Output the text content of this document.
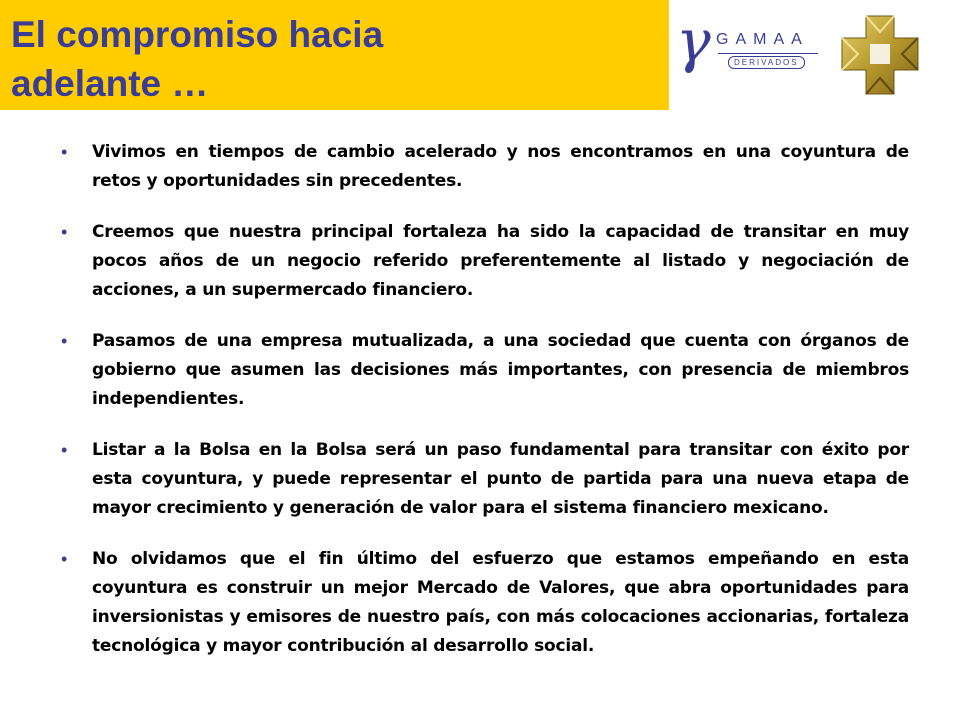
El compromiso hacia
adelante …
γ GAMAA
DERIVADOS
• Vivimos en tiempos de cambio acelerado y nos encontramos en una coyuntura de retos y oportunidades sin precedentes.
• Creemos que nuestra principal fortaleza ha sido la capacidad de transitar en muy pocos años de un negocio referido preferentemente al listado y negociación de acciones, a un supermercado financiero.
• Pasamos de una empresa mutualizada, a una sociedad que cuenta con órganos de gobierno que asumen las decisiones más importantes, con presencia de miembros independientes.
• Listar a la Bolsa en la Bolsa será un paso fundamental para transitar con éxito por esta coyuntura, y puede representar el punto de partida para una nueva etapa de mayor crecimiento y generación de valor para el sistema financiero mexicano.
• No olvidamos que el fin último del esfuerzo que estamos empeñando en esta coyuntura es construir un mejor Mercado de Valores, que abra oportunidades para inversionistas y emisores de nuestro país, con más colocaciones accionarias, fortaleza tecnológica y mayor contribución al desarrollo social.
